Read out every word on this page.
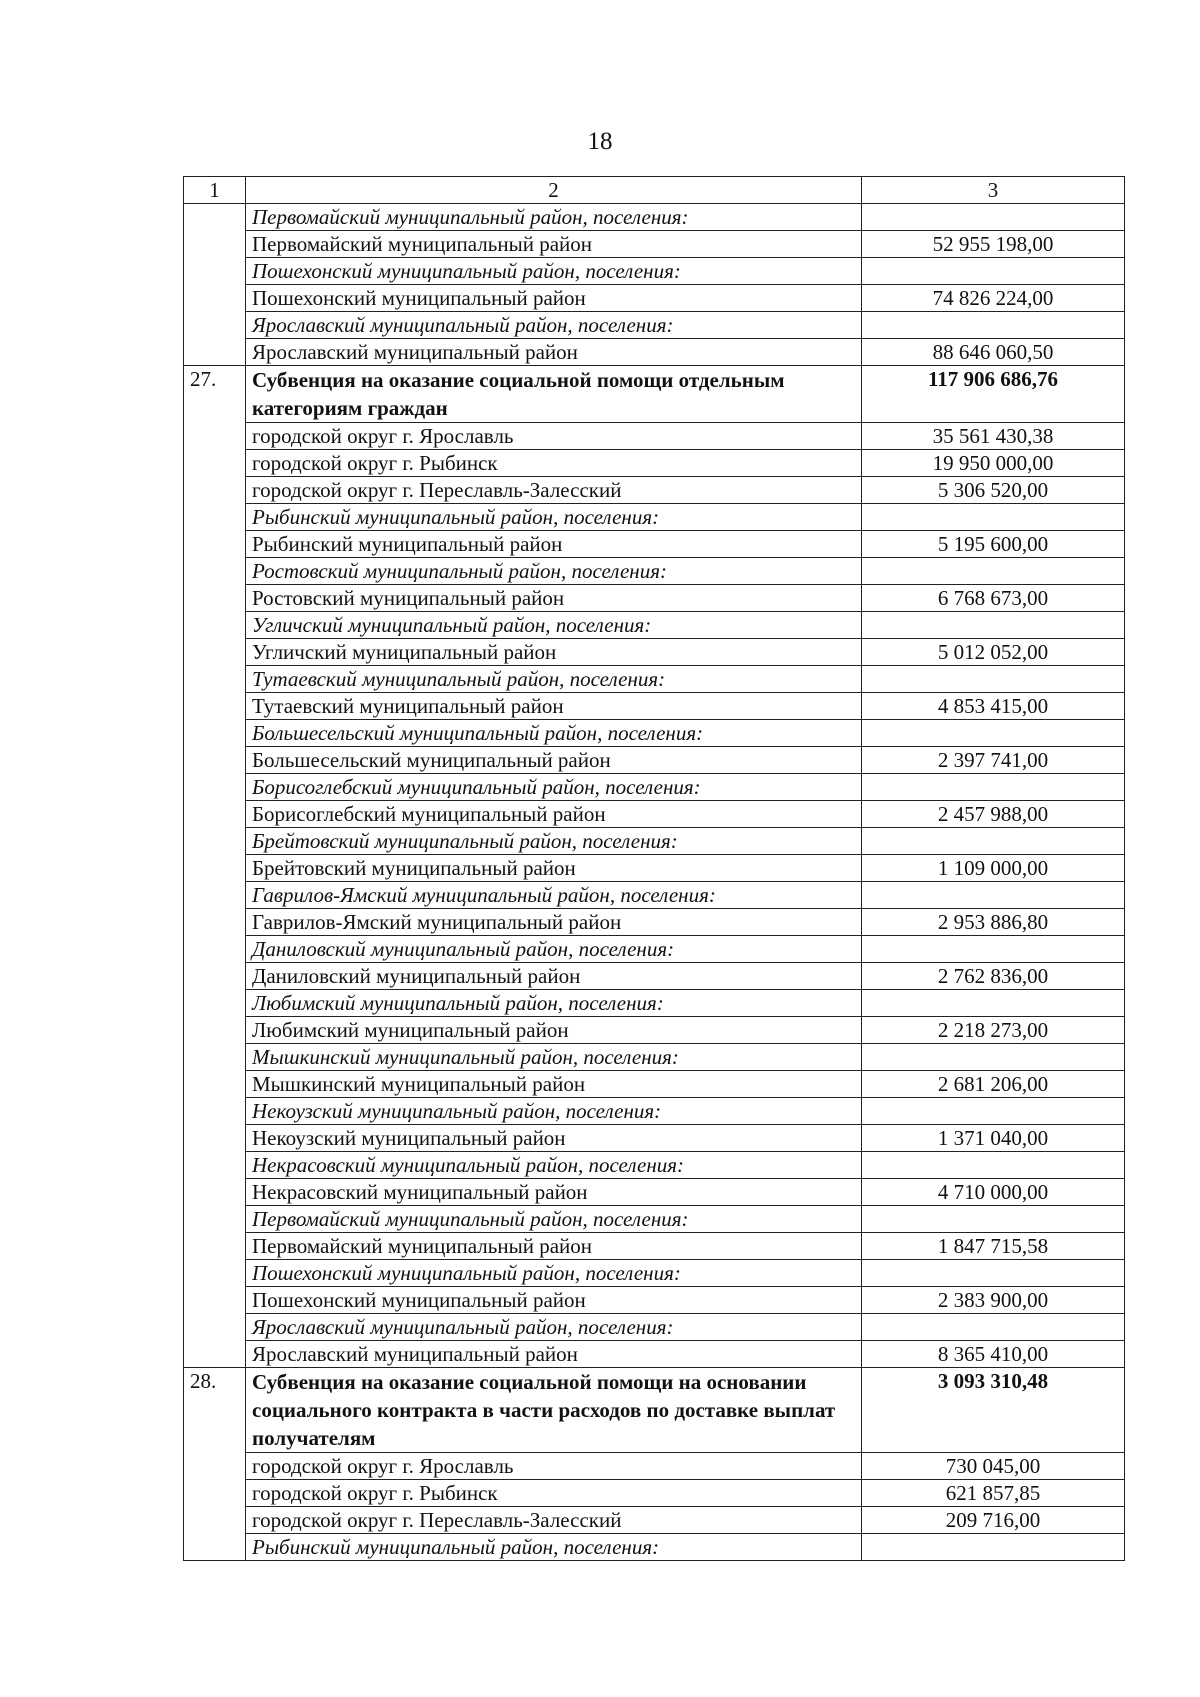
18
1	2	3
	Первомайский муниципальный район, поселения:	
	Первомайский муниципальный район	52 955 198,00
	Пошехонский муниципальный район, поселения:	
	Пошехонский муниципальный район	74 826 224,00
	Ярославский муниципальный район, поселения:	
	Ярославский муниципальный район	88 646 060,50
27.	Субвенция на оказание социальной помощи отдельным категориям граждан	117 906 686,76
	городской округ г. Ярославль	35 561 430,38
	городской округ г. Рыбинск	19 950 000,00
	городской округ г. Переславль-Залесский	5 306 520,00
	Рыбинский муниципальный район, поселения:	
	Рыбинский муниципальный район	5 195 600,00
	Ростовский муниципальный район, поселения:	
	Ростовский муниципальный район	6 768 673,00
	Угличский муниципальный район, поселения:	
	Угличский муниципальный район	5 012 052,00
	Тутаевский муниципальный район, поселения:	
	Тутаевский муниципальный район	4 853 415,00
	Большесельский муниципальный район, поселения:	
	Большесельский муниципальный район	2 397 741,00
	Борисоглебский муниципальный район, поселения:	
	Борисоглебский муниципальный район	2 457 988,00
	Брейтовский муниципальный район, поселения:	
	Брейтовский муниципальный район	1 109 000,00
	Гаврилов-Ямский муниципальный район, поселения:	
	Гаврилов-Ямский муниципальный район	2 953 886,80
	Даниловский муниципальный район, поселения:	
	Даниловский муниципальный район	2 762 836,00
	Любимский муниципальный район, поселения:	
	Любимский муниципальный район	2 218 273,00
	Мышкинский муниципальный район, поселения:	
	Мышкинский муниципальный район	2 681 206,00
	Некоузский муниципальный район, поселения:	
	Некоузский муниципальный район	1 371 040,00
	Некрасовский муниципальный район, поселения:	
	Некрасовский муниципальный район	4 710 000,00
	Первомайский муниципальный район, поселения:	
	Первомайский муниципальный район	1 847 715,58
	Пошехонский муниципальный район, поселения:	
	Пошехонский муниципальный район	2 383 900,00
	Ярославский муниципальный район, поселения:	
	Ярославский муниципальный район	8 365 410,00
28.	Субвенция на оказание социальной помощи на основании социального контракта в части расходов по доставке выплат получателям	3 093 310,48
	городской округ г. Ярославль	730 045,00
	городской округ г. Рыбинск	621 857,85
	городской округ г. Переславль-Залесский	209 716,00
	Рыбинский муниципальный район, поселения:	
